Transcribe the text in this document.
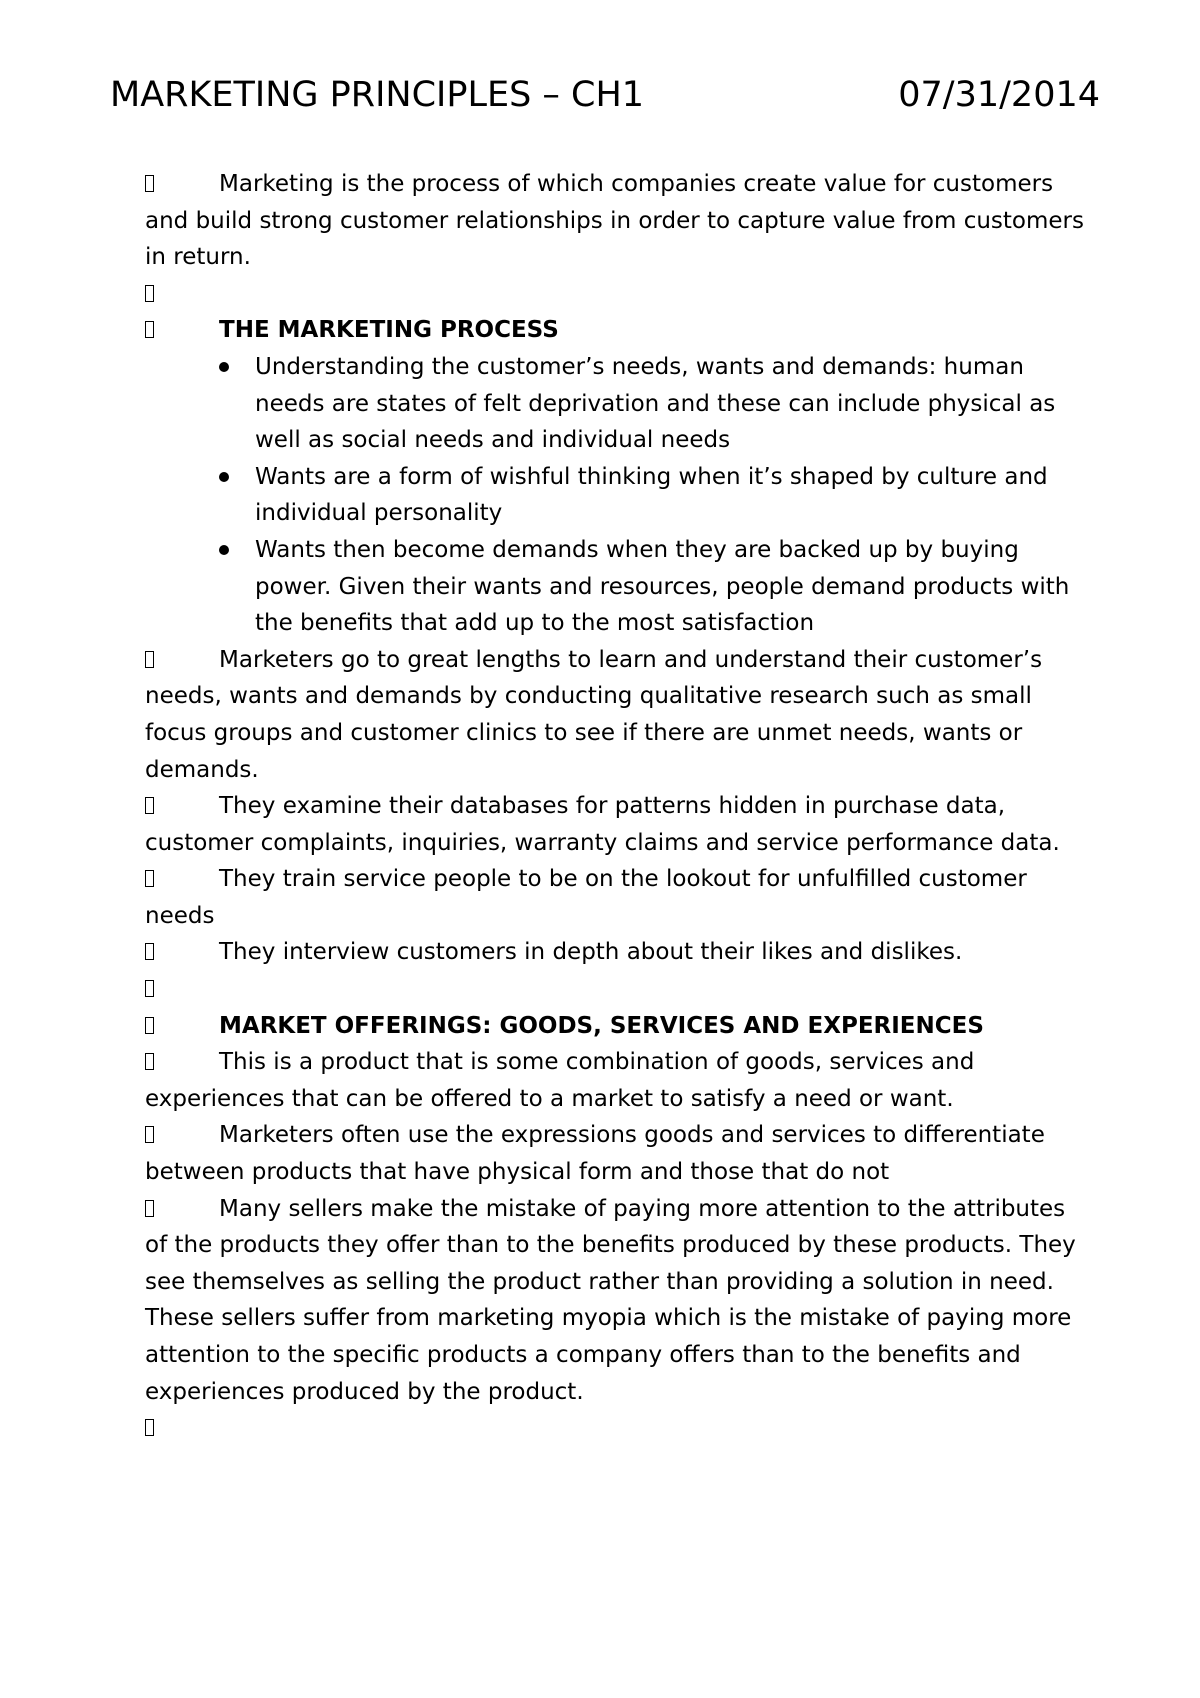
MARKETING PRINCIPLES – CH1	07/31/2014

Marketing is the process of which companies create value for customers and build strong customer relationships in order to capture value from customers in return.

THE MARKETING PROCESS

Understanding the customer’s needs, wants and demands: human needs are states of felt deprivation and these can include physical as well as social needs and individual needs
Wants are a form of wishful thinking when it’s shaped by culture and individual personality
Wants then become demands when they are backed up by buying power. Given their wants and resources, people demand products with the benefits that add up to the most satisfaction

Marketers go to great lengths to learn and understand their customer’s needs, wants and demands by conducting qualitative research such as small focus groups and customer clinics to see if there are unmet needs, wants or demands.

They examine their databases for patterns hidden in purchase data, customer complaints, inquiries, warranty claims and service performance data.

They train service people to be on the lookout for unfulfilled customer needs

They interview customers in depth about their likes and dislikes.

MARKET OFFERINGS: GOODS, SERVICES AND EXPERIENCES

This is a product that is some combination of goods, services and experiences that can be offered to a market to satisfy a need or want.

Marketers often use the expressions goods and services to differentiate between products that have physical form and those that do not

Many sellers make the mistake of paying more attention to the attributes of the products they offer than to the benefits produced by these products. They see themselves as selling the product rather than providing a solution in need. These sellers suffer from marketing myopia which is the mistake of paying more attention to the specific products a company offers than to the benefits and experiences produced by the product.
